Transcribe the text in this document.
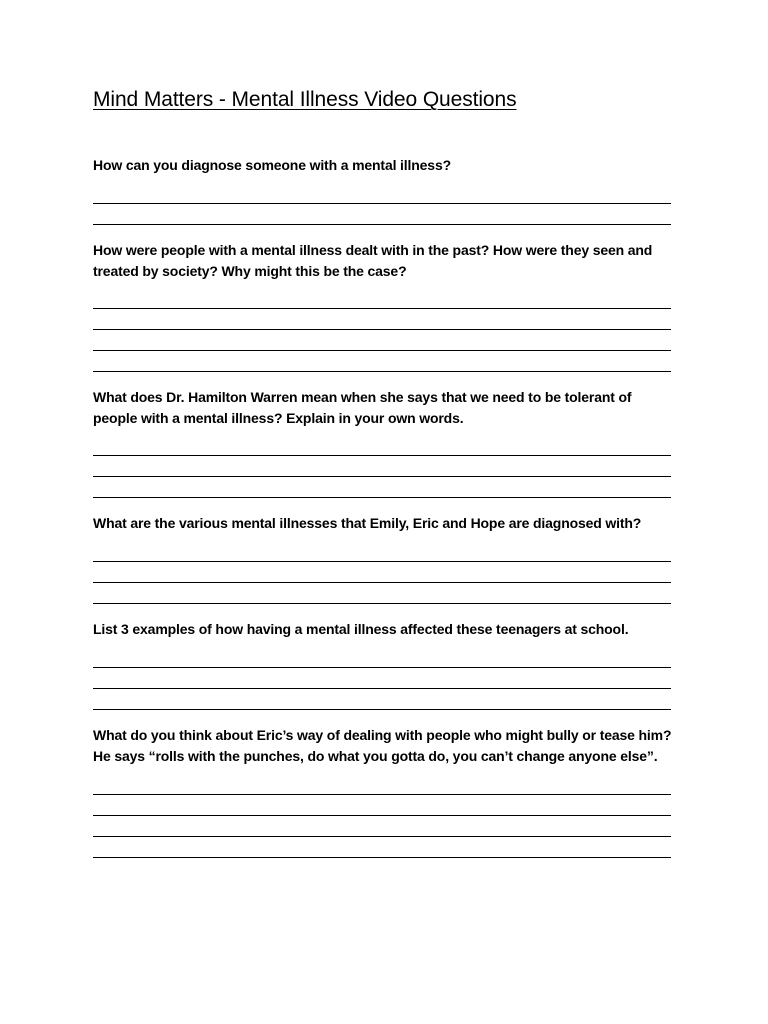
Mind Matters - Mental Illness Video Questions
How can you diagnose someone with a mental illness?
How were people with a mental illness dealt with in the past? How were they seen and treated by society? Why might this be the case?
What does Dr. Hamilton Warren mean when she says that we need to be tolerant of people with a mental illness? Explain in your own words.
What are the various mental illnesses that Emily, Eric and Hope are diagnosed with?
List 3 examples of how having a mental illness affected these teenagers at school.
What do you think about Eric’s way of dealing with people who might bully or tease him? He says “rolls with the punches, do what you gotta do, you can’t change anyone else”.
